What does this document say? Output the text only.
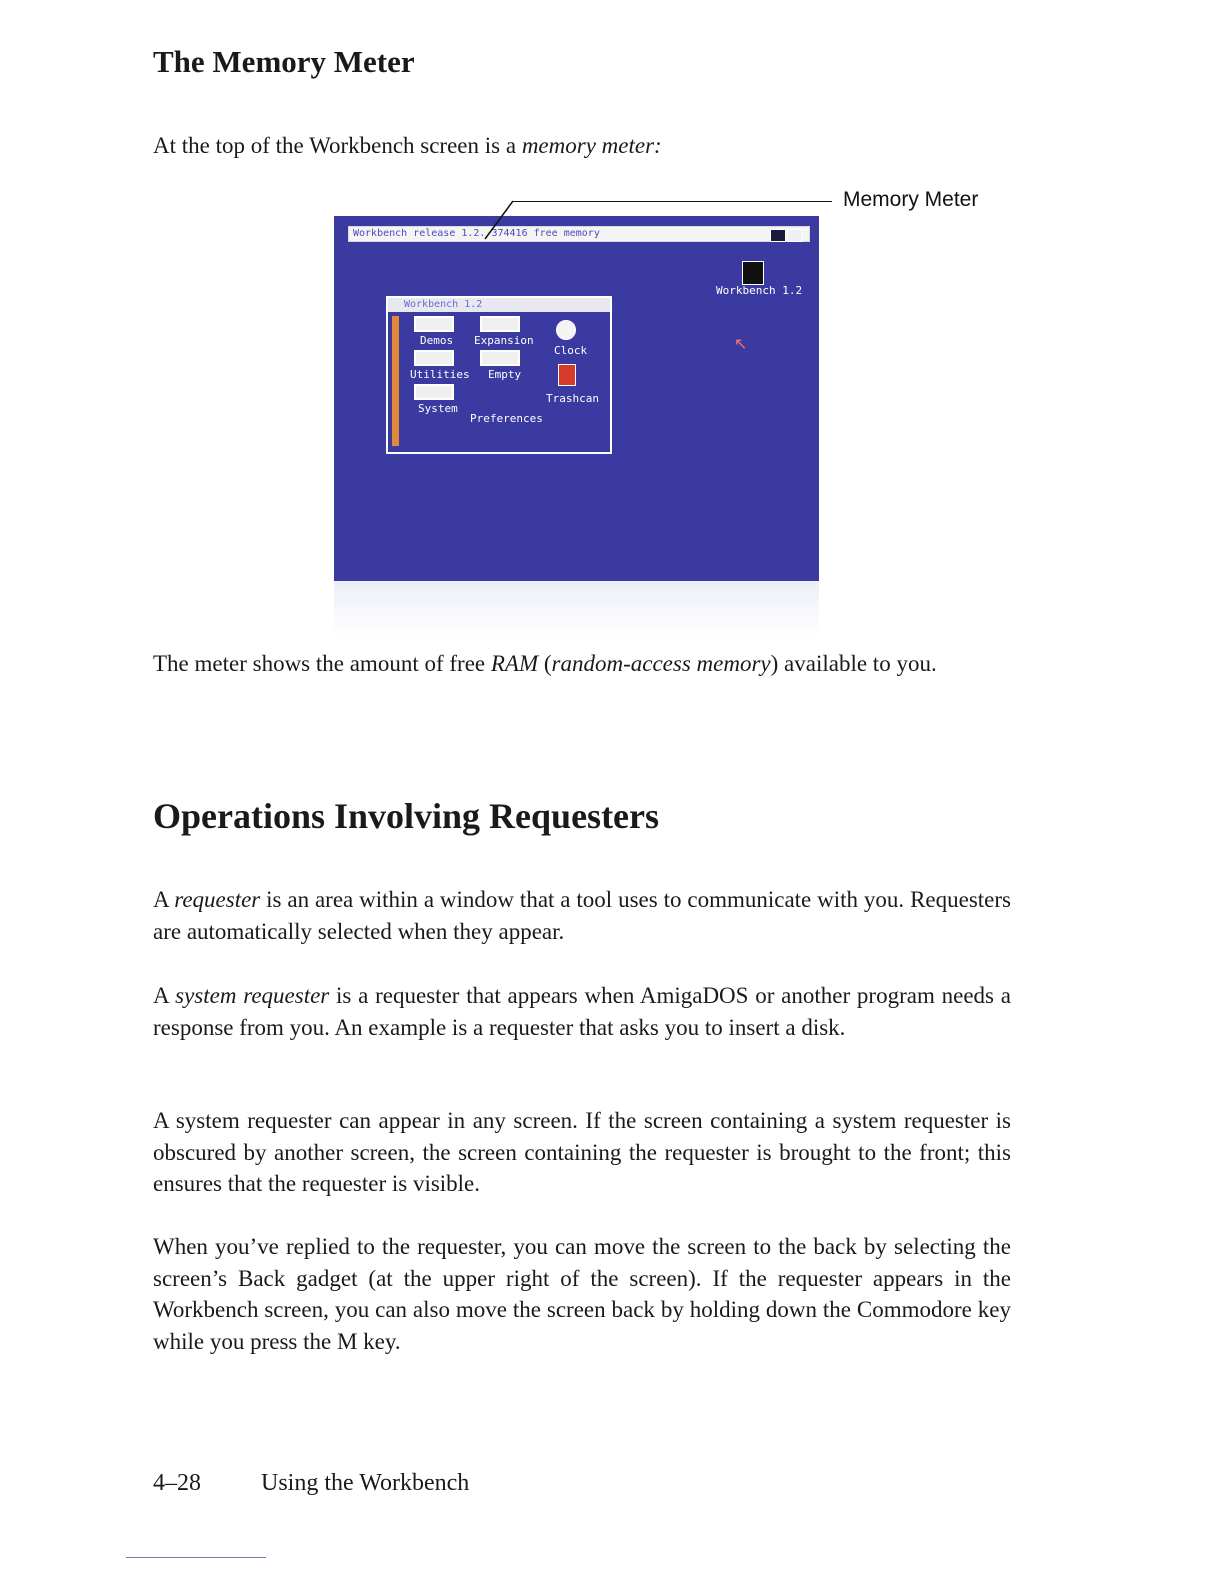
The Memory Meter
At the top of the Workbench screen is a memory meter:
Workbench release 1.2. 374416 free memory
Workbench 1.2
↖
Workbench 1.2
Demos Expansion
Clock
Utilities Empty
System
Preferences
Trashcan
Memory Meter
The meter shows the amount of free RAM (random-access memory) available to you.
Operations Involving Requesters
A requester is an area within a window that a tool uses to communicate with you. Requesters are automatically selected when they appear.
A system requester is a requester that appears when AmigaDOS or another program needs a response from you. An example is a requester that asks you to insert a disk.
A system requester can appear in any screen. If the screen containing a system requester is obscured by another screen, the screen containing the requester is brought to the front; this ensures that the requester is visible.
When you’ve replied to the requester, you can move the screen to the back by selecting the screen’s Back gadget (at the upper right of the screen). If the requester appears in the Workbench screen, you can also move the screen back by holding down the Commodore key while you press the M key.
4–28	Using the Workbench
